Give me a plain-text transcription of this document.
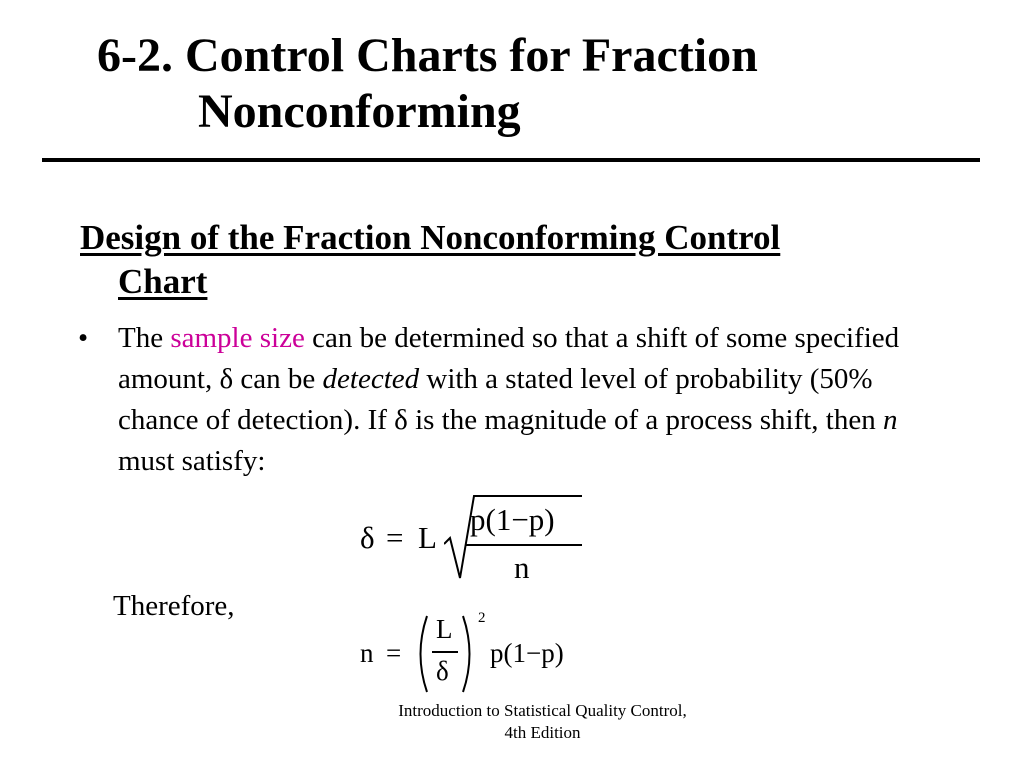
6-2. Control Charts for Fraction
Nonconforming
Design of the Fraction Nonconforming Control
Chart
•	The sample size can be determined so that a shift of some specified amount, δ can be detected with a stated level of probability (50% chance of detection). If δ is the magnitude of a process shift, then n must satisfy:
δ = L
p(1−p)
n
Therefore,
n =
L
δ
2
p(1−p)
Introduction to Statistical Quality Control,
4th Edition
